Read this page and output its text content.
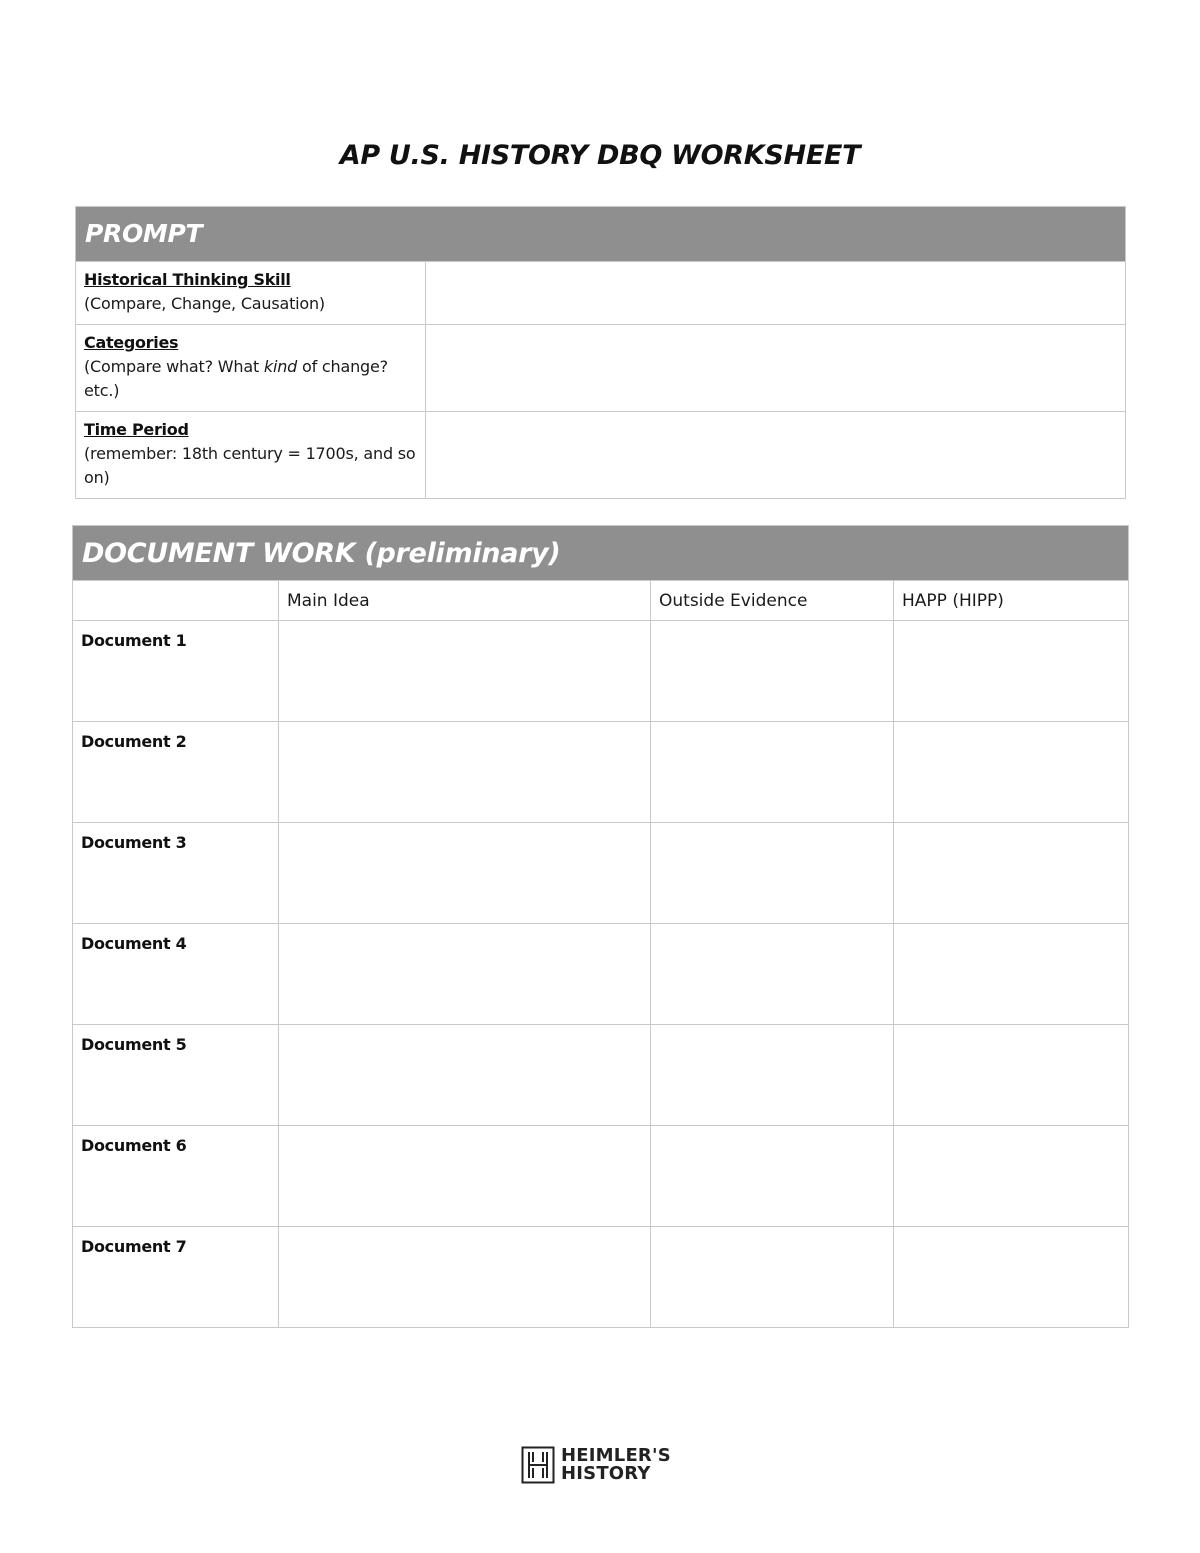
AP U.S. HISTORY DBQ WORKSHEET
PROMPT	

Historical Thinking Skill
(Compare, Change, Causation)	

Categories
(Compare what? What kind of change? etc.)	

Time Period
(remember: 18th century = 1700s, and so on)	

DOCUMENT WORK (preliminary)			
	Main Idea	Outside Evidence	HAPP (HIPP)
Document 1			
Document 2			
Document 3			
Document 4			
Document 5			
Document 6			
Document 7			
HEIMLER'S
HISTORY
